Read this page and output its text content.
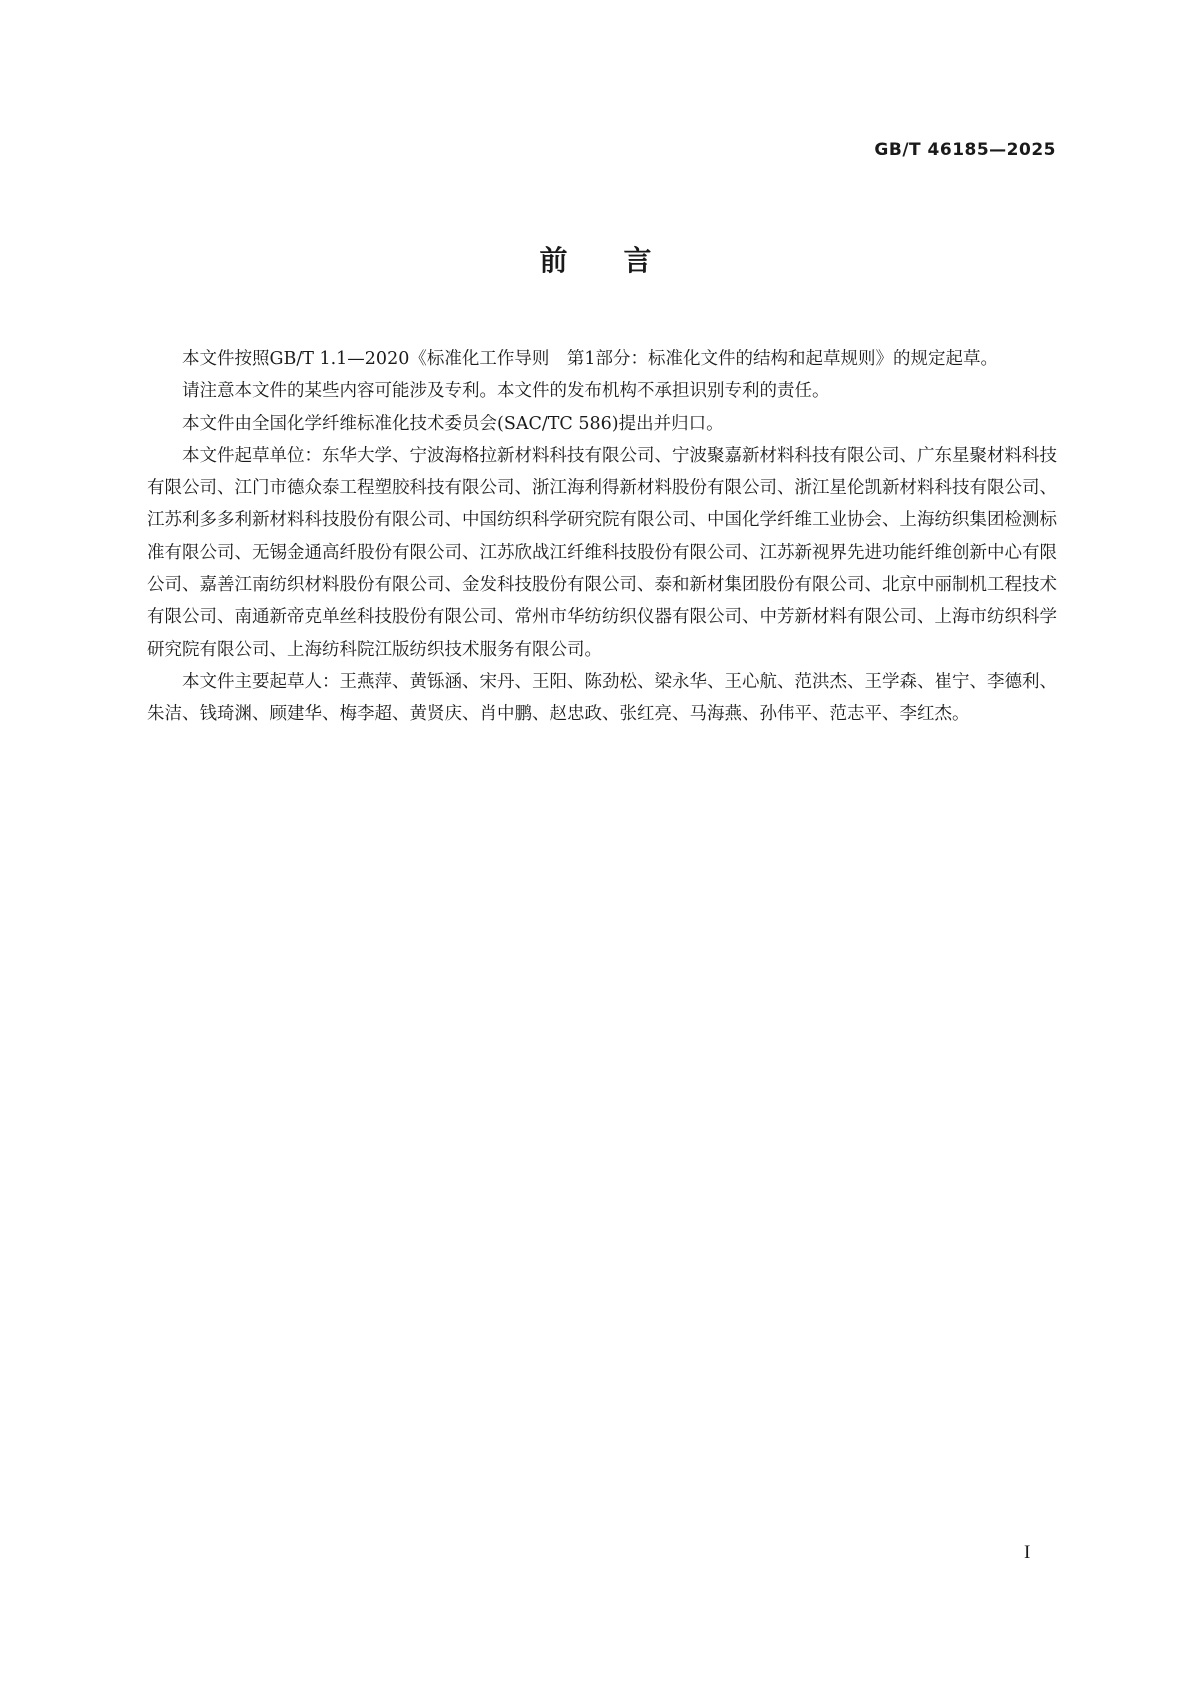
GB/T 46185—2025
前言

本文件按照GB/T 1.1—2020《标准化工作导则　第1部分：标准化文件的结构和起草规则》的规定起草。

请注意本文件的某些内容可能涉及专利。本文件的发布机构不承担识别专利的责任。

本文件由全国化学纤维标准化技术委员会(SAC/TC 586)提出并归口。

本文件起草单位：东华大学、宁波海格拉新材料科技有限公司、宁波聚嘉新材料科技有限公司、广东星聚材料科技有限公司、江门市德众泰工程塑胶科技有限公司、浙江海利得新材料股份有限公司、浙江星伦凯新材料科技有限公司、江苏利多多利新材料科技股份有限公司、中国纺织科学研究院有限公司、中国化学纤维工业协会、上海纺织集团检测标准有限公司、无锡金通高纤股份有限公司、江苏欣战江纤维科技股份有限公司、江苏新视界先进功能纤维创新中心有限公司、嘉善江南纺织材料股份有限公司、金发科技股份有限公司、泰和新材集团股份有限公司、北京中丽制机工程技术有限公司、南通新帝克单丝科技股份有限公司、常州市华纺纺织仪器有限公司、中芳新材料有限公司、上海市纺织科学研究院有限公司、上海纺科院江版纺织技术服务有限公司。

本文件主要起草人：王燕萍、黄铄涵、宋丹、王阳、陈劲松、梁永华、王心航、范洪杰、王学森、崔宁、李德利、朱洁、钱琦渊、顾建华、梅李超、黄贤庆、肖中鹏、赵忠政、张红亮、马海燕、孙伟平、范志平、李红杰。

I
